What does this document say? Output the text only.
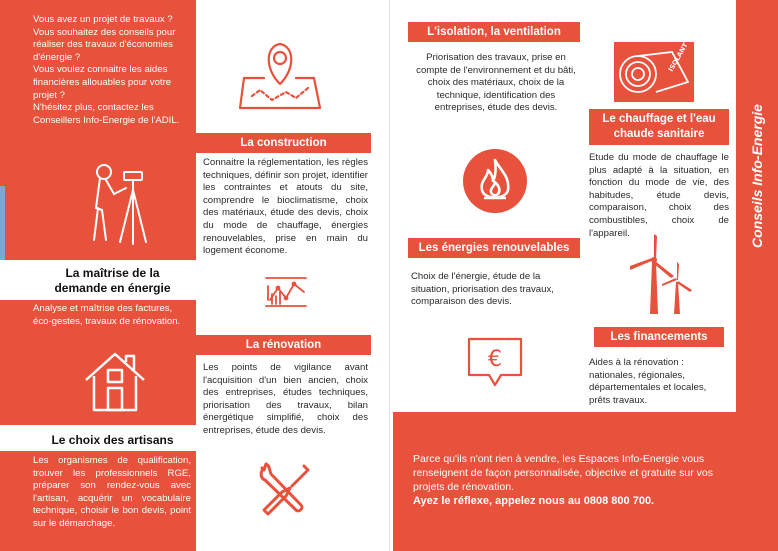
Vous avez un projet de travaux ?
Vous souhaitez des conseils pour
réaliser des travaux d'économies
d'énergie ?
Vous voulez connaitre les aides
financières allouables pour votre
projet ?
N'hésitez plus, contactez les
Conseillers Info-Energie de l'ADIL.
La maîtrise de la
demande en énergie
Analyse et maîtrise des factures, éco-gestes, travaux de rénovation.
Le choix des artisans
Les organismes de qualification, trouver les professionnels RGE, préparer son rendez-vous avec l'artisan, acquérir un vocabulaire technique, choisir le bon devis, point sur le démarchage.
La construction
Connaitre la réglementation, les règles techniques, définir son projet, identifier les contraintes et atouts du site, comprendre le bioclimatisme, choix des matériaux, étude des devis, choix du mode de chauffage, énergies renouvelables, prise en main du logement économe.
La rénovation
Les points de vigilance avant l'acquisition d'un bien ancien, choix des entreprises, études techniques, priorisation des travaux, bilan énergétique simplifié, choix des entreprises, étude des devis.
L'isolation, la ventilation
Priorisation des travaux, prise en compte de l'environnement et du bâti, choix des matériaux, choix de la technique, identification des entreprises, étude des devis.
Les énergies renouvelables
Choix de l'énergie, étude de la situation, priorisation des travaux, comparaison des devis.
€
ISOLANT
Le chauffage et l'eau
chaude sanitaire
Etude du mode de chauffage le plus adapté à la situation, en fonction du mode de vie, des habitudes, étude devis, comparaison, choix des combustibles, choix de l'appareil.
Les financements
Aides à la rénovation : nationales, régionales, départementales et locales, prêts travaux.
Conseils Info-Energie
Parce qu'ils n'ont rien à vendre, les Espaces Info-Energie vous renseignent de façon personnalisée, objective et gratuite sur vos projets de rénovation.
Ayez le réflexe, appelez nous au 0808 800 700.
